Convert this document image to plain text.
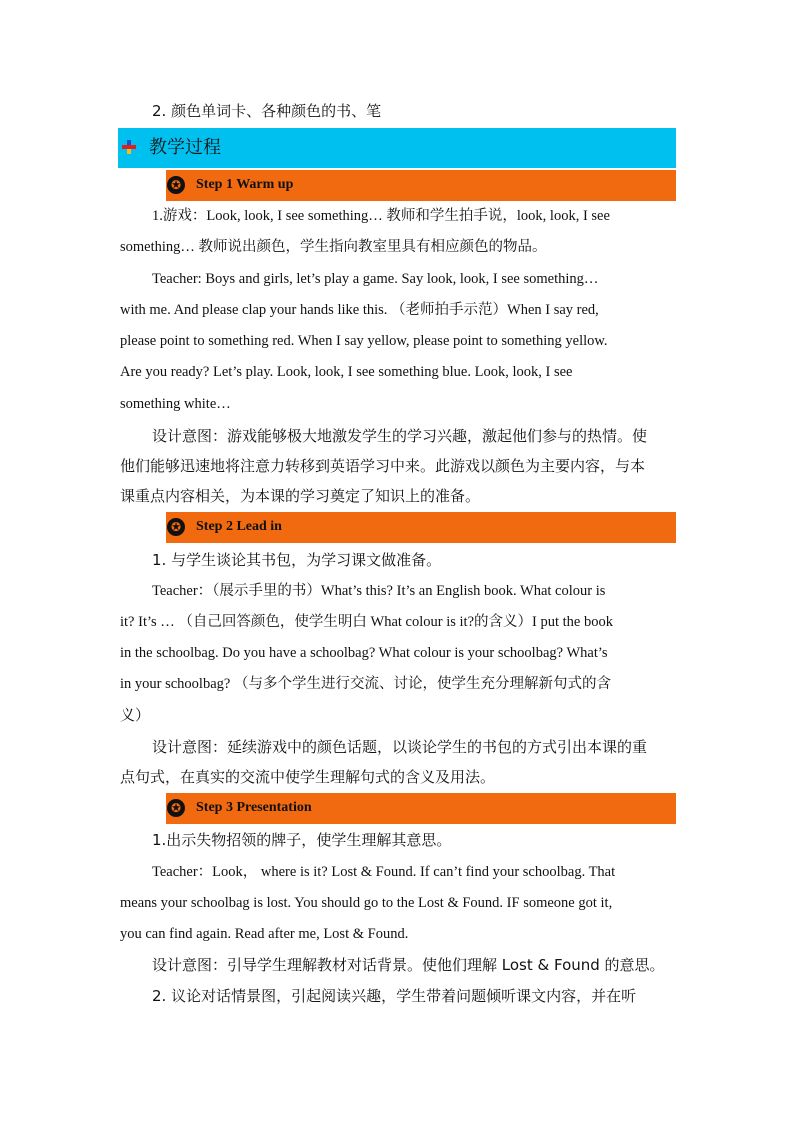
2. 颜色单词卡、各种颜色的书、笔
教学过程
✪ Step 1 Warm up
1.游戏：Look, look, I see something… 教师和学生拍手说，look, look, I see
something… 教师说出颜色，学生指向教室里具有相应颜色的物品。
Teacher: Boys and girls, let’s play a game. Say look, look, I see something…
with me. And please clap your hands like this. （老师拍手示范）When I say red,
please point to something red. When I say yellow, please point to something yellow.
Are you ready? Let’s play. Look, look, I see something blue. Look, look, I see
something white…
设计意图：游戏能够极大地激发学生的学习兴趣，激起他们参与的热情。使
他们能够迅速地将注意力转移到英语学习中来。此游戏以颜色为主要内容，与本
课重点内容相关，为本课的学习奠定了知识上的准备。
✪ Step 2 Lead in
1. 与学生谈论其书包，为学习课文做准备。
Teacher：（展示手里的书）What’s this? It’s an English book. What colour is
it? It’s … （自己回答颜色，使学生明白 What colour is it?的含义）I put the book
in the schoolbag. Do you have a schoolbag? What colour is your schoolbag? What’s
in your schoolbag? （与多个学生进行交流、讨论，使学生充分理解新句式的含
义）
设计意图：延续游戏中的颜色话题，以谈论学生的书包的方式引出本课的重
点句式，在真实的交流中使学生理解句式的含义及用法。
✪ Step 3 Presentation
1.出示失物招领的牌子，使学生理解其意思。
Teacher：Look， where is it? Lost & Found. If can’t find your schoolbag. That
means your schoolbag is lost. You should go to the Lost & Found. IF someone got it,
you can find again. Read after me, Lost & Found.
设计意图：引导学生理解教材对话背景。使他们理解 Lost & Found 的意思。
2. 议论对话情景图，引起阅读兴趣，学生带着问题倾听课文内容，并在听
